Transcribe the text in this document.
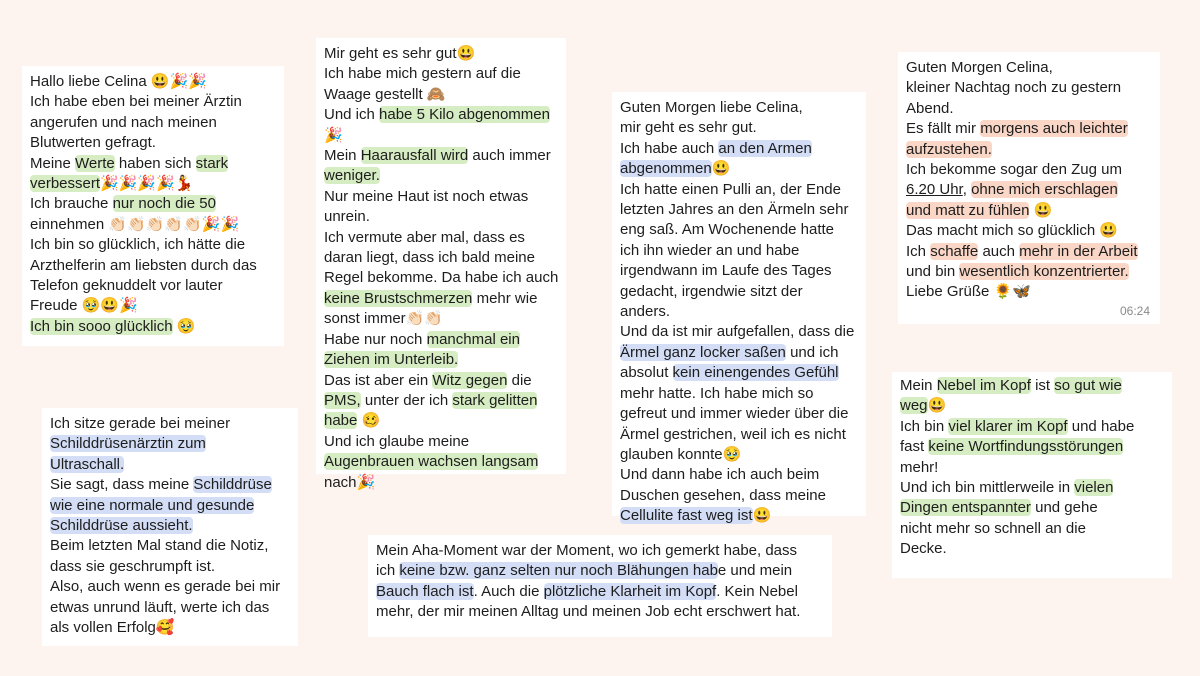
Hallo liebe Celina 😃🎉🎉
Ich habe eben bei meiner Ärztin
angerufen und nach meinen
Blutwerten gefragt.
Meine Werte haben sich stark
verbessert🎉🎉🎉🎉💃
Ich brauche nur noch die 50
einnehmen 👏🏻👏🏻👏🏻👏🏻👏🏻🎉🎉
Ich bin so glücklich, ich hätte die
Arzthelferin am liebsten durch das
Telefon geknuddelt vor lauter
Freude 🥹😃🎉
Ich bin sooo glücklich 🥹
Mir geht es sehr gut😃
Ich habe mich gestern auf die
Waage gestellt 🙈
Und ich habe 5 Kilo abgenommen
🎉
Mein Haarausfall wird auch immer
weniger.
Nur meine Haut ist noch etwas
unrein.
Ich vermute aber mal, dass es
daran liegt, dass ich bald meine
Regel bekomme. Da habe ich auch
keine Brustschmerzen mehr wie
sonst immer👏🏻👏🏻
Habe nur noch manchmal ein
Ziehen im Unterleib.
Das ist aber ein Witz gegen die
PMS, unter der ich stark gelitten
habe 🥴
Und ich glaube meine
Augenbrauen wachsen langsam
nach🎉
Guten Morgen liebe Celina,
mir geht es sehr gut.
Ich habe auch an den Armen
abgenommen😃
Ich hatte einen Pulli an, der Ende
letzten Jahres an den Ärmeln sehr
eng saß. Am Wochenende hatte
ich ihn wieder an und habe
irgendwann im Laufe des Tages
gedacht, irgendwie sitzt der
anders.
Und da ist mir aufgefallen, dass die
Ärmel ganz locker saßen und ich
absolut kein einengendes Gefühl
mehr hatte. Ich habe mich so
gefreut und immer wieder über die
Ärmel gestrichen, weil ich es nicht
glauben konnte🥹
Und dann habe ich auch beim
Duschen gesehen, dass meine
Cellulite fast weg ist😃
Guten Morgen Celina,
kleiner Nachtag noch zu gestern
Abend.
Es fällt mir morgens auch leichter
aufzustehen.
Ich bekomme sogar den Zug um
6.20 Uhr, ohne mich erschlagen
und matt zu fühlen 😃
Das macht mich so glücklich 😃
Ich schaffe auch mehr in der Arbeit
und bin wesentlich konzentrierter.
Liebe Grüße 🌻🦋
06:24
Ich sitze gerade bei meiner
Schilddrüsenärztin zum
Ultraschall.
Sie sagt, dass meine Schilddrüse
wie eine normale und gesunde
Schilddrüse aussieht.
Beim letzten Mal stand die Notiz,
dass sie geschrumpft ist.
Also, auch wenn es gerade bei mir
etwas unrund läuft, werte ich das
als vollen Erfolg🥰
Mein Aha-Moment war der Moment, wo ich gemerkt habe, dass
ich keine bzw. ganz selten nur noch Blähungen habe und mein
Bauch flach ist. Auch die plötzliche Klarheit im Kopf. Kein Nebel
mehr, der mir meinen Alltag und meinen Job echt erschwert hat.
Mein Nebel im Kopf ist so gut wie
weg😃
Ich bin viel klarer im Kopf und habe
fast keine Wortfindungsstörungen
mehr!
Und ich bin mittlerweile in vielen
Dingen entspannter und gehe
nicht mehr so schnell an die
Decke.
